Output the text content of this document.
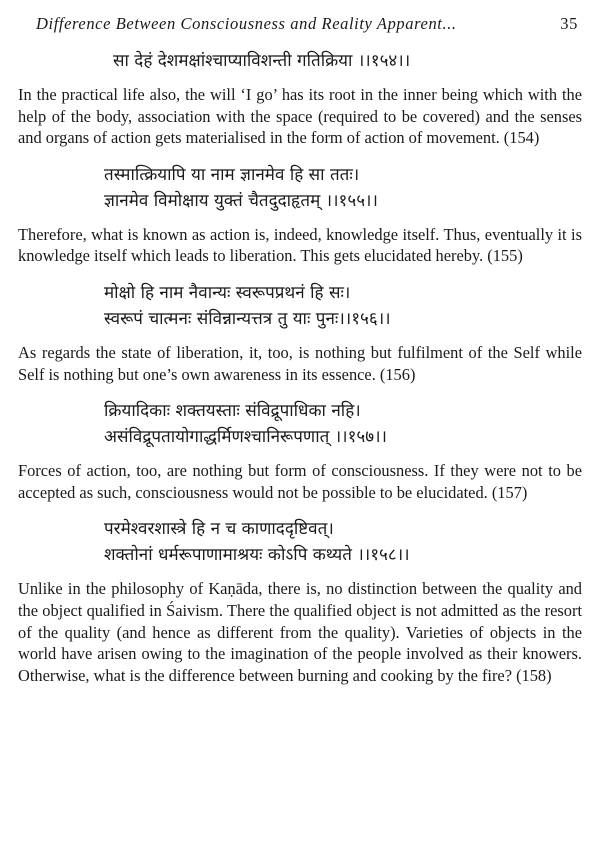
Difference Between Consciousness and Reality Apparent...	35
सा देहं देशमक्षांश्चाप्याविशन्ती गतिक्रिया ।।१५४।।

In the practical life also, the will ‘I go’ has its root in the inner being which with the help of the body, association with the space (required to be covered) and the senses and organs of action gets materialised in the form of action of movement. (154)

तस्मात्क्रियापि या नाम ज्ञानमेव हि सा ततः।
ज्ञानमेव विमोक्षाय युक्तं चैतदुदाहृतम् ।।१५५।।

Therefore, what is known as action is, indeed, knowledge itself. Thus, eventually it is knowledge itself which leads to liberation. This gets elucidated hereby. (155)

मोक्षो हि नाम नैवान्यः स्वरूपप्रथनं हि सः।
स्वरूपं चात्मनः संविन्नान्यत्तत्र तु याः पुनः।।१५६।।

As regards the state of liberation, it, too, is nothing but fulfilment of the Self while Self is nothing but one’s own awareness in its essence. (156)

क्रियादिकाः शक्तयस्ताः संविद्रूपाधिका नहि।
असंविद्रूपतायोगाद्धर्मिणश्चानिरूपणात् ।।१५७।।

Forces of action, too, are nothing but form of consciousness. If they were not to be accepted as such, consciousness would not be possible to be elucidated. (157)

परमेश्वरशास्त्रे हि न च काणाददृष्टिवत्।
शक्तोनां धर्मरूपाणामाश्रयः कोऽपि कथ्यते ।।१५८।।

Unlike in the philosophy of Kaṇāda, there is, no distinction between the quality and the object qualified in Śaivism. There the qualified object is not admitted as the resort of the quality (and hence as different from the quality). Varieties of objects in the world have arisen owing to the imagination of the people involved as their knowers. Otherwise, what is the difference between burning and cooking by the fire? (158)
